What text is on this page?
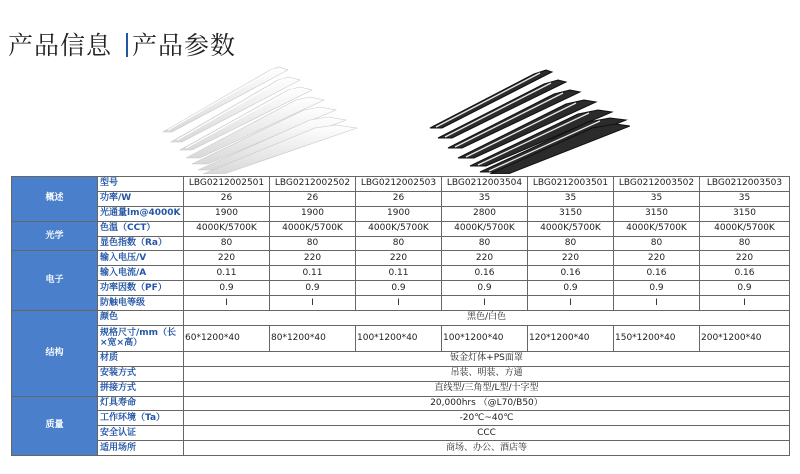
产品信息 产品参数
概述	型号	LBG0212002501	LBG0212002502	LBG0212002503	LBG0212003504	LBG0212003501	LBG0212003502	LBG0212003503
	功率/W	26	26	26	35	35	35	35
	光通量lm@4000K	1900	1900	1900	2800	3150	3150	3150
光学	色温（CCT）	4000K/5700K	4000K/5700K	4000K/5700K	4000K/5700K	4000K/5700K	4000K/5700K	4000K/5700K
	显色指数（Ra）	80	80	80	80	80	80	80
电子	输入电压/V	220	220	220	220	220	220	220
	输入电流/A	0.11	0.11	0.11	0.16	0.16	0.16	0.16
	功率因数（PF）	0.9	0.9	0.9	0.9	0.9	0.9	0.9
	防触电等级	I	I	I	I	I	I	I
结构	颜色	黑色/白色						
	规格尺寸/mm（长×宽×高）	60*1200*40	80*1200*40	100*1200*40	100*1200*40	120*1200*40	150*1200*40	200*1200*40
	材质	钣金灯体+PS面罩						
	安装方式	吊装、明装、方通						
	拼接方式	直线型/三角型/L型/十字型						
质量	灯具寿命	20,000hrs （@L70/B50）						
	工作环境（Ta）	-20℃~40℃						
	安全认证	CCC						
	适用场所	商场、办公、酒店等						
